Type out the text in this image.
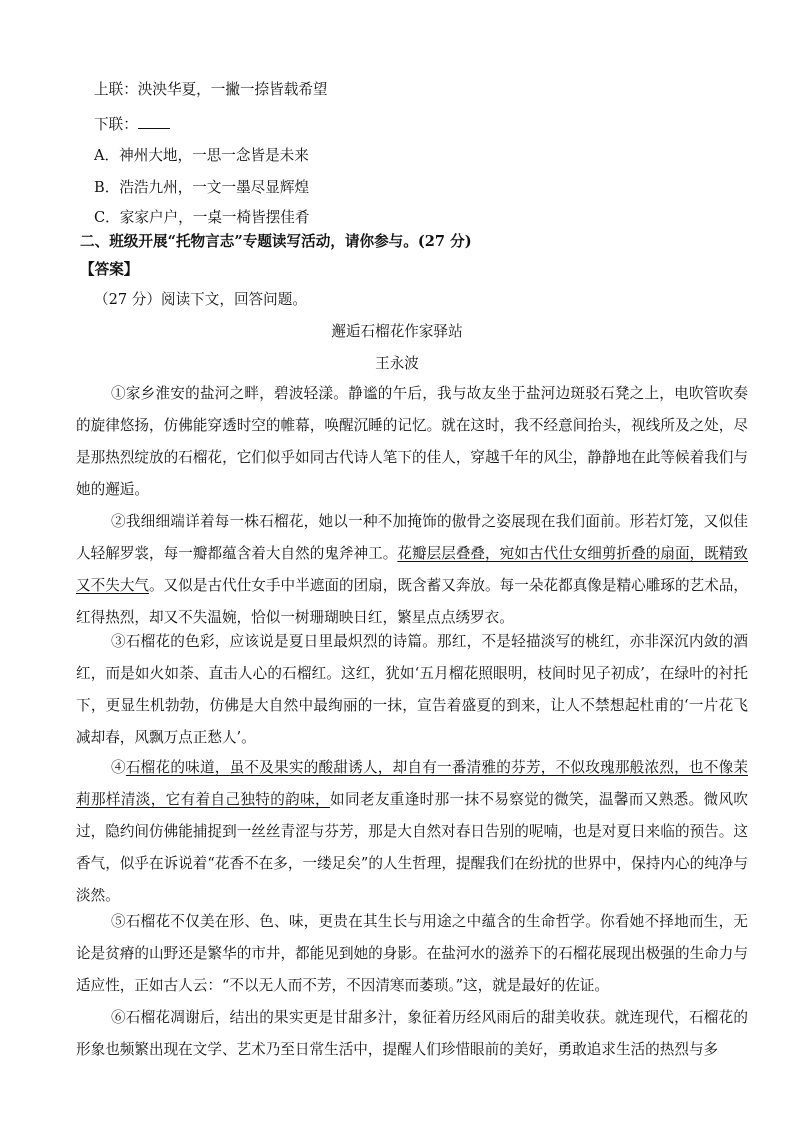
上联：泱泱华夏，一撇一捺皆载希望
下联：
A．神州大地，一思一念皆是未来
B．浩浩九州，一文一墨尽显辉煌
C．家家户户，一桌一椅皆摆佳肴
二、班级开展“托物言志”专题读写活动，请你参与。(27 分)
【答案】
（27 分）阅读下文，回答问题。
邂逅石榴花作家驿站
王永波
①家乡淮安的盐河之畔，碧波轻漾。静谧的午后，我与故友坐于盐河边斑驳石凳之上，电吹管吹奏的旋律悠扬，仿佛能穿透时空的帷幕，唤醒沉睡的记忆。就在这时，我不经意间抬头，视线所及之处，尽是那热烈绽放的石榴花，它们似乎如同古代诗人笔下的佳人，穿越千年的风尘，静静地在此等候着我们与她的邂逅。
②我细细端详着每一株石榴花，她以一种不加掩饰的傲骨之姿展现在我们面前。形若灯笼，又似佳人轻解罗裳，每一瓣都蕴含着大自然的鬼斧神工。花瓣层层叠叠，宛如古代仕女细剪折叠的扇面，既精致又不失大气。又似是古代仕女手中半遮面的团扇，既含蓄又奔放。每一朵花都真像是精心雕琢的艺术品，红得热烈，却又不失温婉，恰似一树珊瑚映日红，繁星点点绣罗衣。
③石榴花的色彩，应该说是夏日里最炽烈的诗篇。那红，不是轻描淡写的桃红，亦非深沉内敛的酒红，而是如火如荼、直击人心的石榴红。这红，犹如‘五月榴花照眼明，枝间时见子初成’，在绿叶的衬托下，更显生机勃勃，仿佛是大自然中最绚丽的一抹，宣告着盛夏的到来，让人不禁想起杜甫的‘一片花飞减却春，风飘万点正愁人’。
④石榴花的味道，虽不及果实的酸甜诱人，却自有一番清雅的芬芳，不似玫瑰那般浓烈，也不像茉莉那样清淡，它有着自己独特的韵味，如同老友重逢时那一抹不易察觉的微笑，温馨而又熟悉。微风吹过，隐约间仿佛能捕捉到一丝丝青涩与芬芳，那是大自然对春日告别的呢喃，也是对夏日来临的预告。这香气，似乎在诉说着“花香不在多，一缕足矣”的人生哲理，提醒我们在纷扰的世界中，保持内心的纯净与淡然。
⑤石榴花不仅美在形、色、味，更贵在其生长与用途之中蕴含的生命哲学。你看她不择地而生，无论是贫瘠的山野还是繁华的市井，都能见到她的身影。在盐河水的滋养下的石榴花展现出极强的生命力与适应性，正如古人云：“不以无人而不芳，不因清寒而萎琐。”这，就是最好的佐证。
⑥石榴花凋谢后，结出的果实更是甘甜多汁，象征着历经风雨后的甜美收获。就连现代，石榴花的形象也频繁出现在文学、艺术乃至日常生活中，提醒人们珍惜眼前的美好，勇敢追求生活的热烈与多
